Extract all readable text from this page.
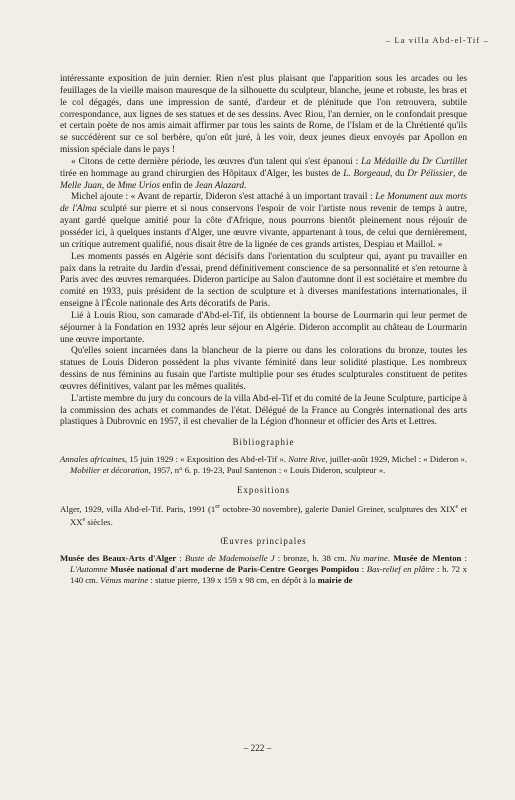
– La villa Abd-el-Tif –

intéressante exposition de juin dernier. Rien n'est plus plaisant que l'apparition sous les arcades ou les feuillages de la vieille maison mauresque de la silhouette du sculpteur, blanche, jeune et robuste, les bras et le col dégagés, dans une impression de santé, d'ardeur et de plénitude que l'on retrouvera, subtile correspondance, aux lignes de ses statues et de ses dessins. Avec Riou, l'an dernier, on le confondait presque et certain poète de nos amis aimait affirmer par tous les saints de Rome, de l'Islam et de la Chrétienté qu'ils se succédèrent sur ce sol berbère, qu'on eût juré, à les voir, deux jeunes dieux envoyés par Apollon en mission spéciale dans le pays !

« Citons de cette dernière période, les œuvres d'un talent qui s'est épanoui : La Médaille du Dr Curtillet tirée en hommage au grand chirurgien des Hôpitaux d'Alger, les bustes de L. Borgeaud, du Dr Pélissier, de Melle Juan, de Mme Urios enfin de Jean Alazard.

Michel ajoute : « Avant de repartir, Dideron s'est attaché à un important travail : Le Monument aux morts de l'Alma sculpté sur pierre et si nous conservons l'espoir de voir l'artiste nous revenir de temps à autre, ayant gardé quelque amitié pour la côte d'Afrique, nous pourrons bientôt pleinement nous réjouir de posséder ici, à quelques instants d'Alger, une œuvre vivante, appartenant à tous, de celui que dernièrement, un critique autrement qualifié, nous disait être de la lignée de ces grands artistes, Despiau et Maillol. »

Les moments passés en Algérie sont décisifs dans l'orientation du sculpteur qui, ayant pu travailler en paix dans la retraite du Jardin d'essai, prend définitivement conscience de sa personnalité et s'en retourne à Paris avec des œuvres remarquées. Dideron participe au Salon d'automne dont il est sociétaire et membre du comité en 1933, puis président de la section de sculpture et à diverses manifestations internationales, il enseigne à l'École nationale des Arts décoratifs de Paris.

Lié à Louis Riou, son camarade d'Abd-el-Tif, ils obtiennent la bourse de Lourmarin qui leur permet de séjourner à la Fondation en 1932 après leur séjour en Algérie. Dideron accomplit au château de Lourmarin une œuvre importante.

Qu'elles soient incarnées dans la blancheur de la pierre ou dans les colorations du bronze, toutes les statues de Louis Dideron possèdent la plus vivante féminité dans leur solidité plastique. Les nombreux dessins de nus féminins au fusain que l'artiste multiplie pour ses études sculpturales constituent de petites œuvres définitives, valant par les mêmes qualités.

L'artiste membre du jury du concours de la villa Abd-el-Tif et du comité de la Jeune Sculpture, participe à la commission des achats et commandes de l'état. Délégué de la France au Congrès international des arts plastiques à Dubrovnic en 1957, il est chevalier de la Légion d'honneur et officier des Arts et Lettres.

Bibliographie

Annales africaines, 15 juin 1929 : « Exposition des Abd-el-Tif ». Notre Rive, juillet-août 1929, Michel : « Dideron ». Mobilier et décoration, 1957, n° 6. p. 19-23, Paul Santenon : « Louis Dideron, sculpteur ».

Expositions

Alger, 1929, villa Abd-el-Tif. Paris, 1991 (1er octobre-30 novembre), galerie Daniel Greiner, sculptures des XIXe et XXe siècles.

Œuvres principales

Musée des Beaux-Arts d'Alger : Buste de Mademoiselle J : bronze, h. 38 cm. Nu marine. Musée de Menton : L'Automne Musée national d'art moderne de Paris-Centre Georges Pompidou : Bas-relief en plâtre : h. 72 x 140 cm. Vénus marine : statue pierre, 139 x 159 x 98 cm, en dépôt à la mairie de

– 222 –
